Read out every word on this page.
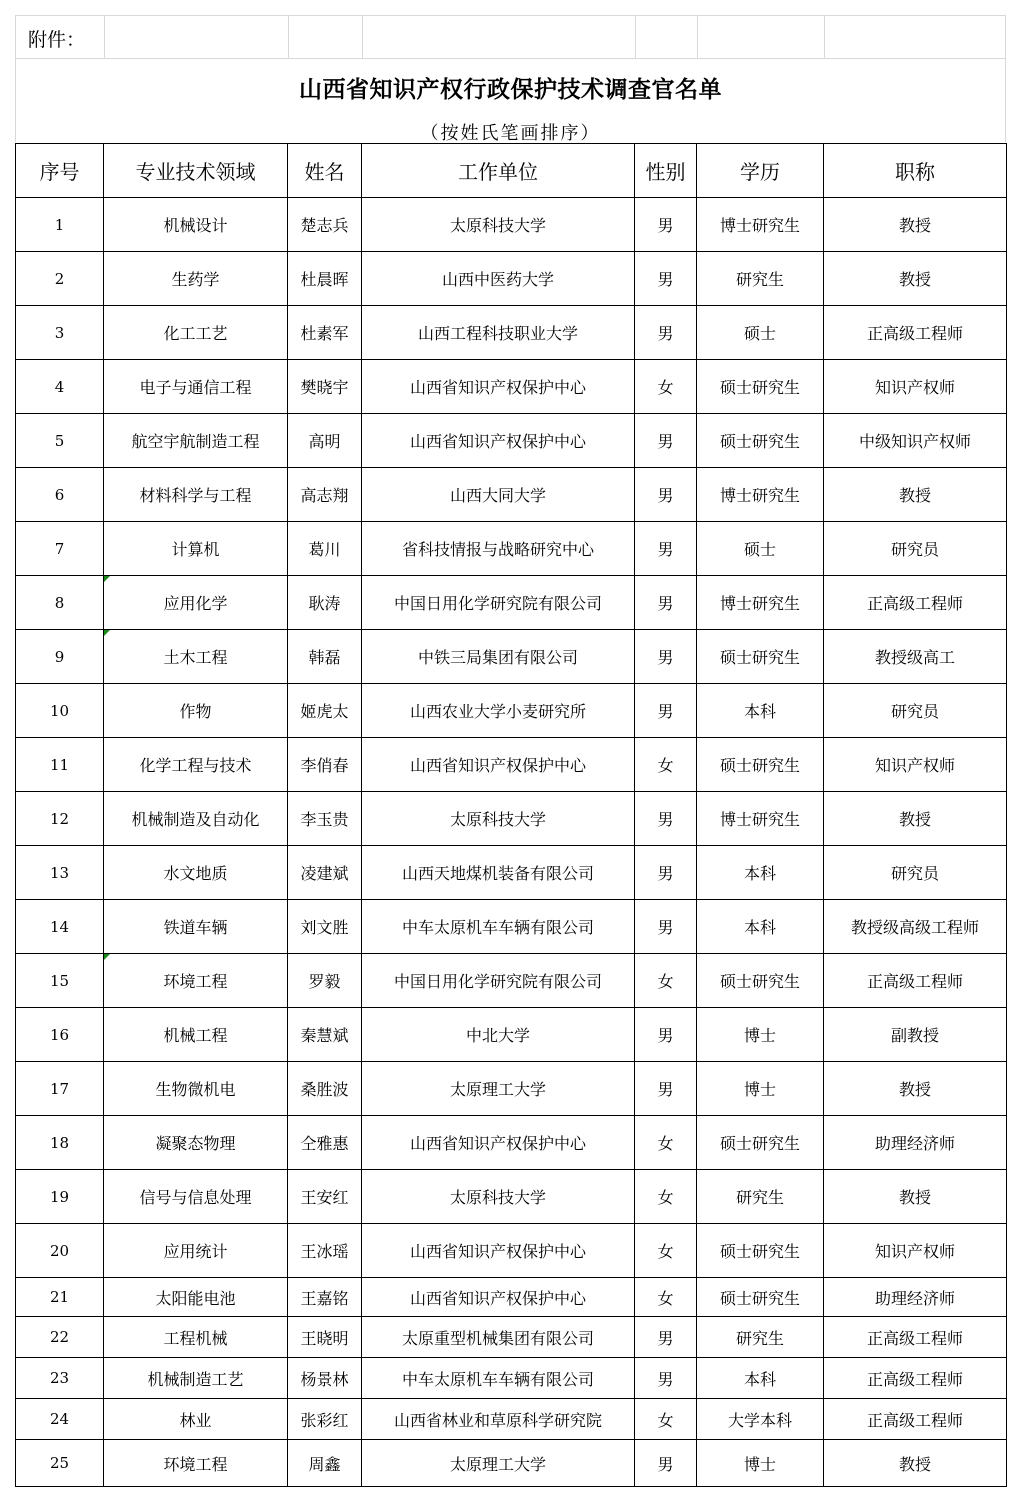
附件：
山西省知识产权行政保护技术调查官名单
（按姓氏笔画排序）
序号	专业技术领域	姓名	工作单位	性别	学历	职称
1	机械设计	楚志兵	太原科技大学	男	博士研究生	教授
2	生药学	杜晨晖	山西中医药大学	男	研究生	教授
3	化工工艺	杜素军	山西工程科技职业大学	男	硕士	正高级工程师
4	电子与通信工程	樊晓宇	山西省知识产权保护中心	女	硕士研究生	知识产权师
5	航空宇航制造工程	高明	山西省知识产权保护中心	男	硕士研究生	中级知识产权师
6	材料科学与工程	高志翔	山西大同大学	男	博士研究生	教授
7	计算机	葛川	省科技情报与战略研究中心	男	硕士	研究员
8	应用化学	耿涛	中国日用化学研究院有限公司	男	博士研究生	正高级工程师
9	土木工程	韩磊	中铁三局集团有限公司	男	硕士研究生	教授级高工
10	作物	姬虎太	山西农业大学小麦研究所	男	本科	研究员
11	化学工程与技术	李俏春	山西省知识产权保护中心	女	硕士研究生	知识产权师
12	机械制造及自动化	李玉贵	太原科技大学	男	博士研究生	教授
13	水文地质	凌建斌	山西天地煤机装备有限公司	男	本科	研究员
14	铁道车辆	刘文胜	中车太原机车车辆有限公司	男	本科	教授级高级工程师
15	环境工程	罗毅	中国日用化学研究院有限公司	女	硕士研究生	正高级工程师
16	机械工程	秦慧斌	中北大学	男	博士	副教授
17	生物微机电	桑胜波	太原理工大学	男	博士	教授
18	凝聚态物理	仝雅惠	山西省知识产权保护中心	女	硕士研究生	助理经济师
19	信号与信息处理	王安红	太原科技大学	女	研究生	教授
20	应用统计	王冰瑶	山西省知识产权保护中心	女	硕士研究生	知识产权师
21	太阳能电池	王嘉铭	山西省知识产权保护中心	女	硕士研究生	助理经济师
22	工程机械	王晓明	太原重型机械集团有限公司	男	研究生	正高级工程师
23	机械制造工艺	杨景林	中车太原机车车辆有限公司	男	本科	正高级工程师
24	林业	张彩红	山西省林业和草原科学研究院	女	大学本科	正高级工程师
25	环境工程	周鑫	太原理工大学	男	博士	教授
